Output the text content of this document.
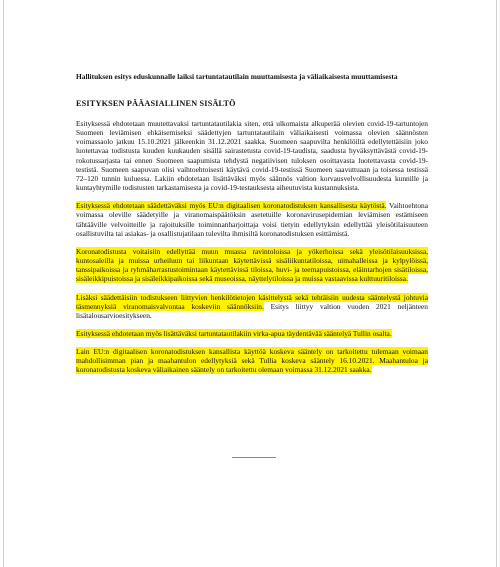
Hallituksen esitys eduskunnalle laiksi tartuntatautilain muuttamisesta ja väliaikaisesta muuttamisesta
ESITYKSEN PÄÄASIALLINEN SISÄLTÖ

Esityksessä ehdotetaan muutettavaksi tartuntatautilakia siten, että ulkomaista alkuperää olevien covid-19-tartuntojen Suomeen leviämisen ehkäisemiseksi säädettyjen tartuntatautilain väliaikaisesti voimassa olevien säännösten voimassaolo jatkuu 15.10.2021 jälkeenkin 31.12.2021 saakka. Suomeen saapuvilta henkilöiltä edellytettäisiin joko luotettavaa todistusta kuuden kuukauden sisällä sairastetusta covid-19-taudista, saadusta hyväksyttävästä covid-19-rokotussarjasta tai ennen Suomeen saapumista tehdystä negatiivisen tuloksen osoittavasta luotettavasta covid-19-testistä. Suomeen saapuvan olisi vaihtoehtoisesti käytävä covid-19-testissä Suomeen saavuttuaan ja toisessa testissä 72–120 tunnin kuluessa. Lakiin ehdotetaan lisättäväksi myös säännös valtion korvausvelvollisuudesta kunnille ja kuntayhtymille todistusten tarkastamisesta ja covid-19-testauksesta aiheutuvista kustannuksista.

Esityksessä ehdotetaan säädettäväksi myös EU:n digitaalisen koronatodistuksen kansallisesta käytöstä. Vaihtoehtona voimassa oleville säädetyille ja viranomaispäätöksin asetetuille koronavirusepidemian leviämisen estämiseen tähtääville velvoitteille ja rajoituksille toiminnanharjoittaja voisi tietyin edellytyksin edellyttää yleisötilaisuuteen osallistuvilta tai asiakas- ja osallistujatilaan tulevilta ihmisiltä koronatodistuksen esittämistä.

Koronatodistusta voitaisiin edellyttää muun muassa ravintoloissa ja yökerhoissa sekä yleisötilaisuuksissa, kuntosaleilla ja muissa urheiluun tai liikuntaan käytettävissä sisäliikuntatiloissa, uimahalleissa ja kylpylöissä, tanssipaikoissa ja ryhmäharrastustoimintaan käytettävissä tiloissa, huvi- ja teemapuistoissa, eläintarhojen sisätiloissa, sisäleikkipuistoissa ja sisäleikkipaikoissa sekä museoissa, näyttelytiloissa ja muissa vastaavissa kulttuuritiloissa.

Lisäksi säädettäisiin todistukseen liittyvien henkilötietojen käsittelystä sekä tehtäisiin uudesta sääntelystä johtuvia täsmennyksiä viranomaisvalvontaa koskeviin säännöksiin. Esitys liittyy valtion vuoden 2021 neljänteen lisätalousarvioesitykseen.

Esityksessä ehdotetaan myös lisättäväksi tartuntatautilakiin virka-apua täydentävää sääntelyä Tullin osalta.

Lain EU:n digitaalisen koronatodistuksen kansallista käyttöä koskeva sääntely on tarkoitettu tulemaan voimaan mahdollisimman pian ja maahantulon edellytyksiä sekä Tullia koskeva sääntely 16.10.2021. Maahantuloa ja koronatodistusta koskeva väliaikainen sääntely on tarkoitettu olemaan voimassa 31.12.2021 saakka.
